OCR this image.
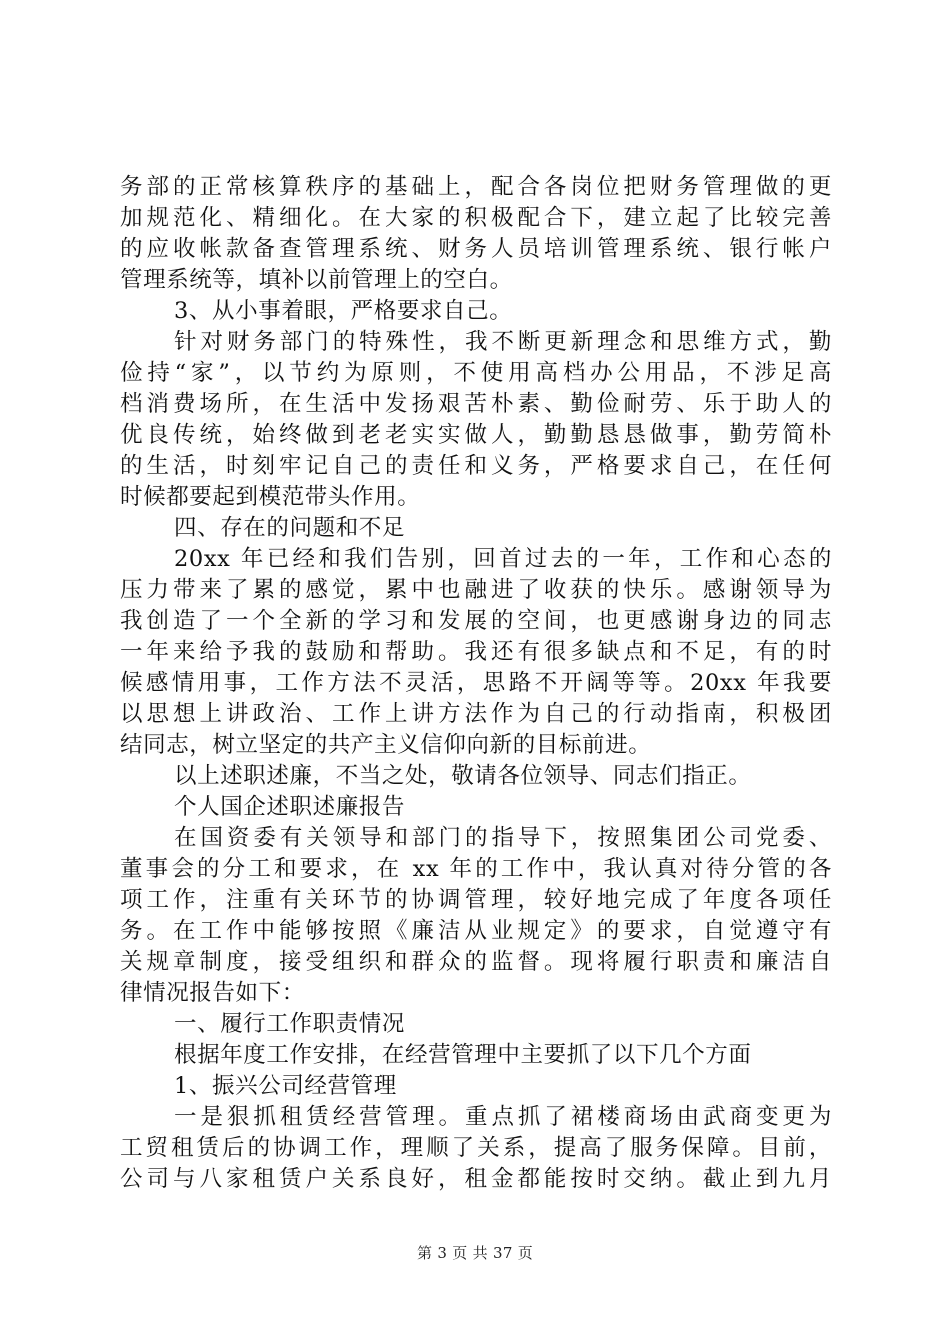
务部的正常核算秩序的基础上，配合各岗位把财务管理做的更
加规范化、精细化。在大家的积极配合下，建立起了比较完善
的应收帐款备查管理系统、财务人员培训管理系统、银行帐户
管理系统等，填补以前管理上的空白。
3、从小事着眼，严格要求自己。
针对财务部门的特殊性，我不断更新理念和思维方式，勤
俭持“家”，以节约为原则，不使用高档办公用品，不涉足高
档消费场所，在生活中发扬艰苦朴素、勤俭耐劳、乐于助人的
优良传统，始终做到老老实实做人，勤勤恳恳做事，勤劳简朴
的生活，时刻牢记自己的责任和义务，严格要求自己，在任何
时候都要起到模范带头作用。
四、存在的问题和不足
20xx 年已经和我们告别，回首过去的一年，工作和心态的
压力带来了累的感觉，累中也融进了收获的快乐。感谢领导为
我创造了一个全新的学习和发展的空间，也更感谢身边的同志
一年来给予我的鼓励和帮助。我还有很多缺点和不足，有的时
候感情用事，工作方法不灵活，思路不开阔等等。20xx 年我要
以思想上讲政治、工作上讲方法作为自己的行动指南，积极团
结同志，树立坚定的共产主义信仰向新的目标前进。
以上述职述廉，不当之处，敬请各位领导、同志们指正。
个人国企述职述廉报告
在国资委有关领导和部门的指导下，按照集团公司党委、
董事会的分工和要求，在 xx 年的工作中，我认真对待分管的各
项工作，注重有关环节的协调管理，较好地完成了年度各项任
务。在工作中能够按照《廉洁从业规定》的要求，自觉遵守有
关规章制度，接受组织和群众的监督。现将履行职责和廉洁自
律情况报告如下：
一、履行工作职责情况
根据年度工作安排，在经营管理中主要抓了以下几个方面
1、振兴公司经营管理
一是狠抓租赁经营管理。重点抓了裙楼商场由武商变更为
工贸租赁后的协调工作，理顺了关系，提高了服务保障。目前，
公司与八家租赁户关系良好，租金都能按时交纳。截止到九月
第 3 页 共 37 页
